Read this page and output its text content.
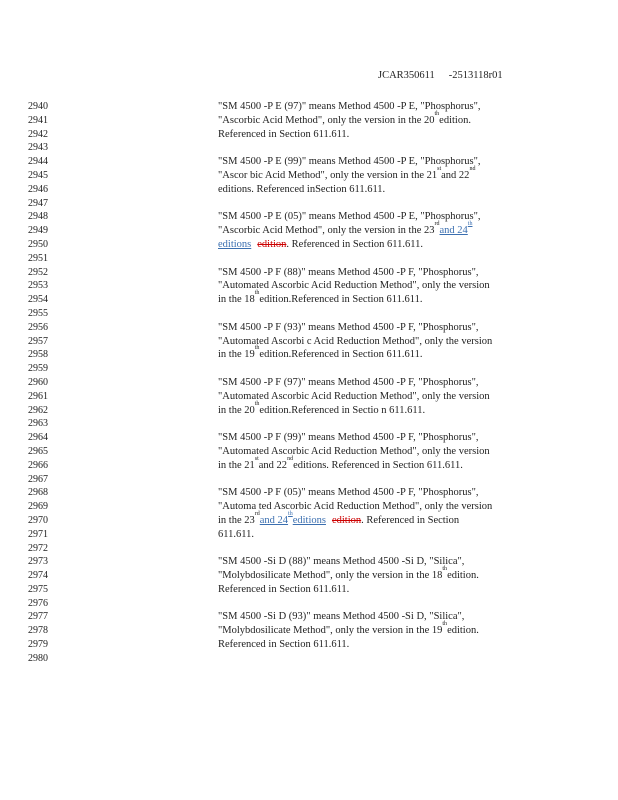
JCAR350611 -2513118r01
2940
2941
2942
2943
2944
2945
2946
2947
2948
2949
2950
2951
2952
2953
2954
2955
2956
2957
2958
2959
2960
2961
2962
2963
2964
2965
2966
2967
2968
2969
2970
2971
2972
2973
2974
2975
2976
2977
2978
2979
2980
"SM 4500 -P E (97)" means Method 4500 -P E, "Phosphorus",
"Ascorbic Acid Method", only the version in the 20
th
edition.
Referenced in Section 611.611.
"SM 4500 -P E (99)" means Method 4500 -P E, "Phosphorus",
"Ascor bic Acid Method", only the version in the 21
st
and 22
nd
editions. Referenced inSection 611.611.
"SM 4500 -P E (05)" means Method 4500 -P E, "Phosphorus",
"Ascorbic Acid Method", only the version in the 23
rd
and 24
th
editions edition . Referenced in Section 611.611.
"SM 4500 -P F (88)" means Method 4500 -P F, "Phosphorus",
"Automated Ascorbic Acid Reduction Method", only the version
in the 18
th
edition.Referenced in Section 611.611.
"SM 4500 -P F (93)" means Method 4500 -P F, "Phosphorus",
"Automated Ascorbi c Acid Reduction Method", only the version
in the 19
th
edition.Referenced in Section 611.611.
"SM 4500 -P F (97)" means Method 4500 -P F, "Phosphorus",
"Automated Ascorbic Acid Reduction Method", only the version
in the 20
th
edition.Referenced in Sectio n 611.611.
"SM 4500 -P F (99)" means Method 4500 -P F, "Phosphorus",
"Automated Ascorbic Acid Reduction Method", only the version
in the 21
st
and 22
nd
editions. Referenced in Section 611.611.
"SM 4500 -P F (05)" means Method 4500 -P F, "Phosphorus",
"Automa ted Ascorbic Acid Reduction Method", only the version
in the 23
rd
and 24
th
editions edition . Referenced in Section
611.611.
"SM 4500 -Si D (88)" means Method 4500 -Si D, "Silica",
"Molybdosilicate Method", only the version in the 18
th
edition.
Referenced in Section 611.611.
"SM 4500 -Si D (93)" means Method 4500 -Si D, "Silica",
"Molybdosilicate Method", only the version in the 19
th
edition.
Referenced in Section 611.611.
